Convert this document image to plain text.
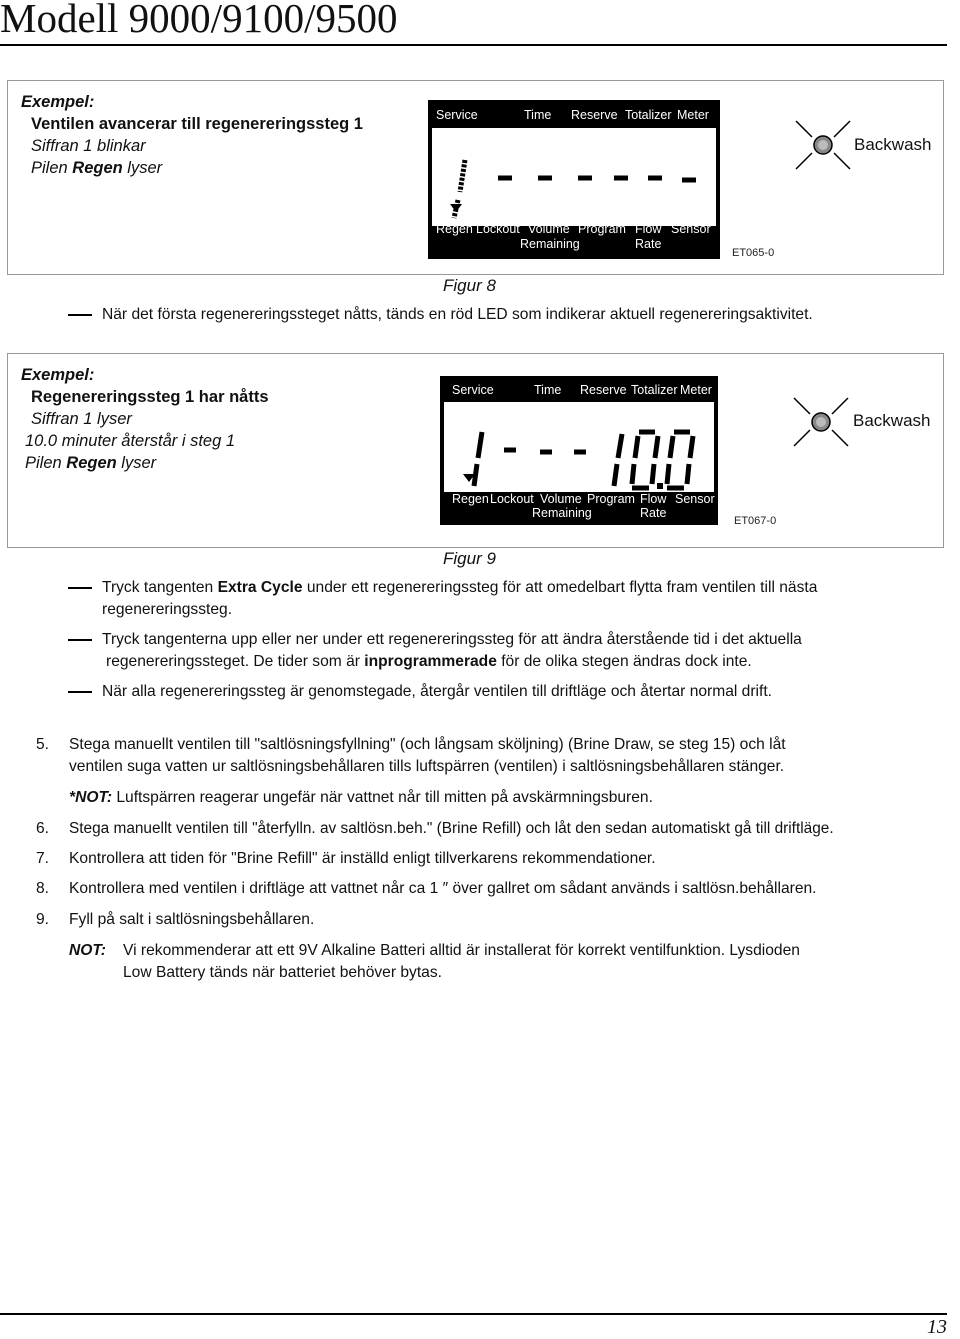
Modell 9000/9100/9500
Exempel:
Ventilen avancerar till regenereringssteg 1
Siffran 1 blinkar
Pilen Regen lyser
Service	Time Reserve Totalizer Meter
Regen Lockout Volume Program Flow Sensor
Remaining	Rate
Backwash
ET065-0
Figur 8
När det första regenereringssteget nåtts, tänds en röd LED som indikerar aktuell regenereringsaktivitet.
Exempel:
Regenereringssteg 1 har nåtts
Siffran 1 lyser
10.0 minuter återstår i steg 1
Pilen Regen lyser
Service	Time Reserve Totalizer Meter
Regen Lockout Volume Program Flow Sensor
Remaining	Rate
Backwash
ET067-0
Figur 9
Tryck tangenten Extra Cycle under ett regenereringssteg för att omedelbart flytta fram ventilen till nästa
regenereringssteg.
Tryck tangenterna upp eller ner under ett regenereringssteg för att ändra återstående tid i det aktuella
regenereringssteget. De tider som är inprogrammerade för de olika stegen ändras dock inte.
När alla regenereringssteg är genomstegade, återgår ventilen till driftläge och återtar normal drift.
5. Stega manuellt ventilen till "saltlösningsfyllning" (och långsam sköljning) (Brine Draw, se steg 15) och låt
ventilen suga vatten ur saltlösningsbehållaren tills luftspärren (ventilen) i saltlösningsbehållaren stänger.
*NOT: Luftspärren reagerar ungefär när vattnet når till mitten på avskärmningsburen.
6. Stega manuellt ventilen till "återfylln. av saltlösn.beh." (Brine Refill) och låt den sedan automatiskt gå till driftläge.
7. Kontrollera att tiden för "Brine Refill" är inställd enligt tillverkarens rekommendationer.
8. Kontrollera med ventilen i driftläge att vattnet når ca 1 ″ över gallret om sådant används i saltlösn.behållaren.
9. Fyll på salt i saltlösningsbehållaren.
NOT: Vi rekommenderar att ett 9V Alkaline Batteri alltid är installerat för korrekt ventilfunktion. Lysdioden
Low Battery tänds när batteriet behöver bytas.
13
